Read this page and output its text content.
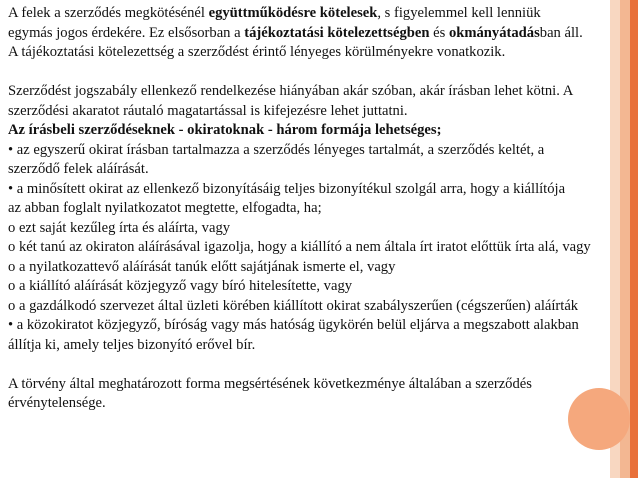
A felek a szerződés megkötésénél együttműködésre kötelesek, s figyelemmel kell lenniük
egymás jogos érdekére. Ez elsősorban a tájékoztatási kötelezettségben és okmányátadásban áll.
A tájékoztatási kötelezettség a szerződést érintő lényeges körülményekre vonatkozik.
Szerződést jogszabály ellenkező rendelkezése hiányában akár szóban, akár írásban lehet kötni. A
szerződési akaratot ráutaló magatartással is kifejezésre lehet juttatni.
Az írásbeli szerződéseknek - okiratoknak - három formája lehetséges;
• az egyszerű okirat írásban tartalmazza a szerződés lényeges tartalmát, a szerződés keltét, a
szerződő felek aláírását.
• a minősített okirat az ellenkező bizonyításáig teljes bizonyítékul szolgál arra, hogy a kiállítója
az abban foglalt nyilatkozatot megtette, elfogadta, ha;
o ezt saját kezűleg írta és aláírta, vagy
o két tanú az okiraton aláírásával igazolja, hogy a kiállító a nem általa írt iratot előttük írta alá, vagy
o a nyilatkozattevő aláírását tanúk előtt sajátjának ismerte el, vagy
o a kiállító aláírását közjegyző vagy bíró hitelesítette, vagy
o a gazdálkodó szervezet által üzleti körében kiállított okirat szabályszerűen (cégszerűen) aláírták
• a közokiratot közjegyző, bíróság vagy más hatóság ügykörén belül eljárva a megszabott alakban
állítja ki, amely teljes bizonyító erővel bír.
A törvény által meghatározott forma megsértésének következménye általában a szerződés
érvénytelensége.
